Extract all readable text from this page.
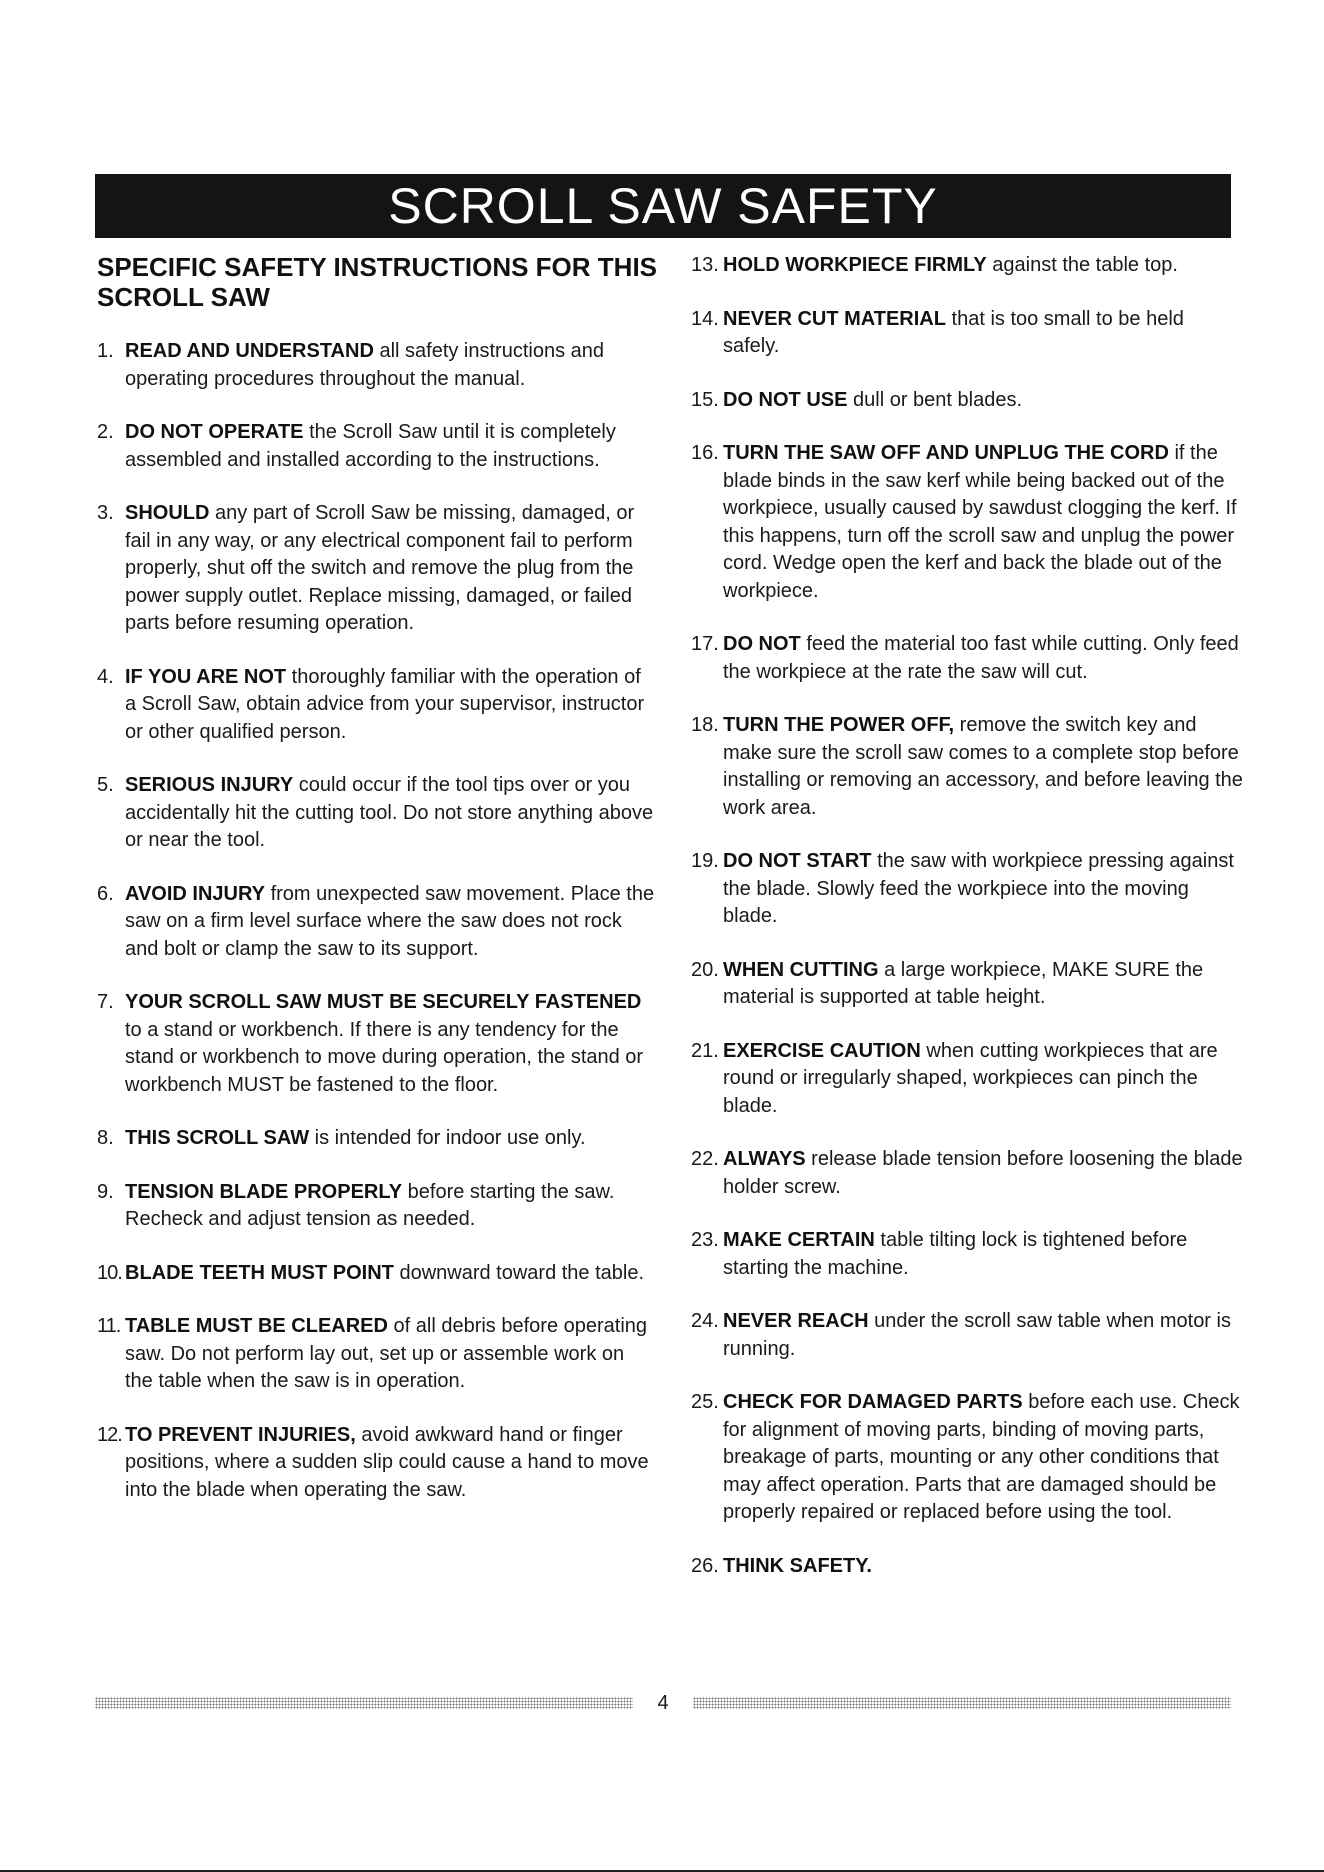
SCROLL SAW SAFETY
SPECIFIC SAFETY INSTRUCTIONS FOR THIS SCROLL SAW
1. READ AND UNDERSTAND all safety instructions and operating procedures throughout the manual.
2. DO NOT OPERATE the Scroll Saw until it is completely assembled and installed according to the instructions.
3. SHOULD any part of Scroll Saw be missing, damaged, or fail in any way, or any electrical component fail to perform properly, shut off the switch and remove the plug from the power supply outlet. Replace missing, damaged, or failed parts before resuming operation.
4. IF YOU ARE NOT thoroughly familiar with the operation of a Scroll Saw, obtain advice from your supervisor, instructor or other qualified person.
5. SERIOUS INJURY could occur if the tool tips over or you accidentally hit the cutting tool. Do not store anything above or near the tool.
6. AVOID INJURY from unexpected saw movement. Place the saw on a firm level surface where the saw does not rock and bolt or clamp the saw to its support.
7. YOUR SCROLL SAW MUST BE SECURELY FASTENED to a stand or workbench. If there is any tendency for the stand or workbench to move during operation, the stand or workbench MUST be fastened to the floor.
8. THIS SCROLL SAW is intended for indoor use only.
9. TENSION BLADE PROPERLY before starting the saw. Recheck and adjust tension as needed.
10. BLADE TEETH MUST POINT downward toward the table.
11. TABLE MUST BE CLEARED of all debris before operating saw. Do not perform lay out, set up or assemble work on the table when the saw is in operation.
12. TO PREVENT INJURIES, avoid awkward hand or finger positions, where a sudden slip could cause a hand to move into the blade when operating the saw.
13. HOLD WORKPIECE FIRMLY against the table top.
14. NEVER CUT MATERIAL that is too small to be held safely.
15. DO NOT USE dull or bent blades.
16. TURN THE SAW OFF AND UNPLUG THE CORD if the blade binds in the saw kerf while being backed out of the workpiece, usually caused by sawdust clogging the kerf. If this happens, turn off the scroll saw and unplug the power cord. Wedge open the kerf and back the blade out of the workpiece.
17. DO NOT feed the material too fast while cutting. Only feed the workpiece at the rate the saw will cut.
18. TURN THE POWER OFF, remove the switch key and make sure the scroll saw comes to a complete stop before installing or removing an accessory, and before leaving the work area.
19. DO NOT START the saw with workpiece pressing against the blade. Slowly feed the workpiece into the moving blade.
20. WHEN CUTTING a large workpiece, MAKE SURE the material is supported at table height.
21. EXERCISE CAUTION when cutting workpieces that are round or irregularly shaped, workpieces can pinch the blade.
22. ALWAYS release blade tension before loosening the blade holder screw.
23. MAKE CERTAIN table tilting lock is tightened before starting the machine.
24. NEVER REACH under the scroll saw table when motor is running.
25. CHECK FOR DAMAGED PARTS before each use. Check for alignment of moving parts, binding of moving parts, breakage of parts, mounting or any other conditions that may affect operation. Parts that are damaged should be properly repaired or replaced before using the tool.
26. THINK SAFETY.
4
